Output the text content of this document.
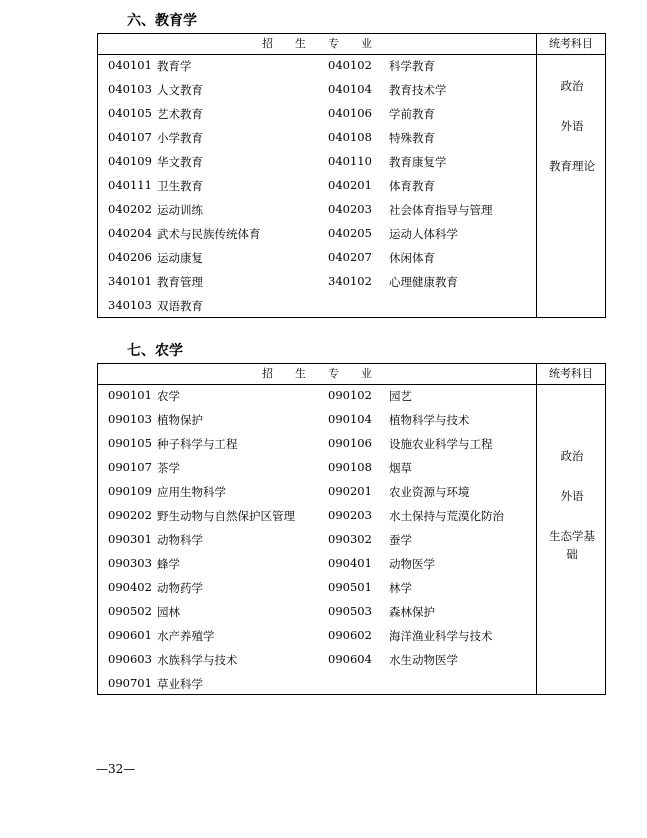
六、教育学
招生专业	统考科目
040101 教育学	040102 科学教育
040103 人文教育	040104 教育技术学
040105 艺术教育	040106 学前教育
040107 小学教育	040108 特殊教育
040109 华文教育	040110 教育康复学
040111 卫生教育	040201 体育教育
040202 运动训练	040203 社会体育指导与管理
040204 武术与民族传统体育	040205 运动人体科学
040206 运动康复	040207 休闲体育
340101 教育管理	340102 心理健康教育
340103 双语教育
政治
外语
教育理论
七、农学
招生专业	统考科目
090101 农学	090102 园艺
090103 植物保护	090104 植物科学与技术
090105 种子科学与工程	090106 设施农业科学与工程
090107 茶学	090108 烟草
090109 应用生物科学	090201 农业资源与环境
090202 野生动物与自然保护区管理	090203 水土保持与荒漠化防治
090301 动物科学	090302 蚕学
090303 蜂学	090401 动物医学
090402 动物药学	090501 林学
090502 园林	090503 森林保护
090601 水产养殖学	090602 海洋渔业科学与技术
090603 水族科学与技术	090604 水生动物医学
090701 草业科学
政治
外语
生态学基
础
—32—
